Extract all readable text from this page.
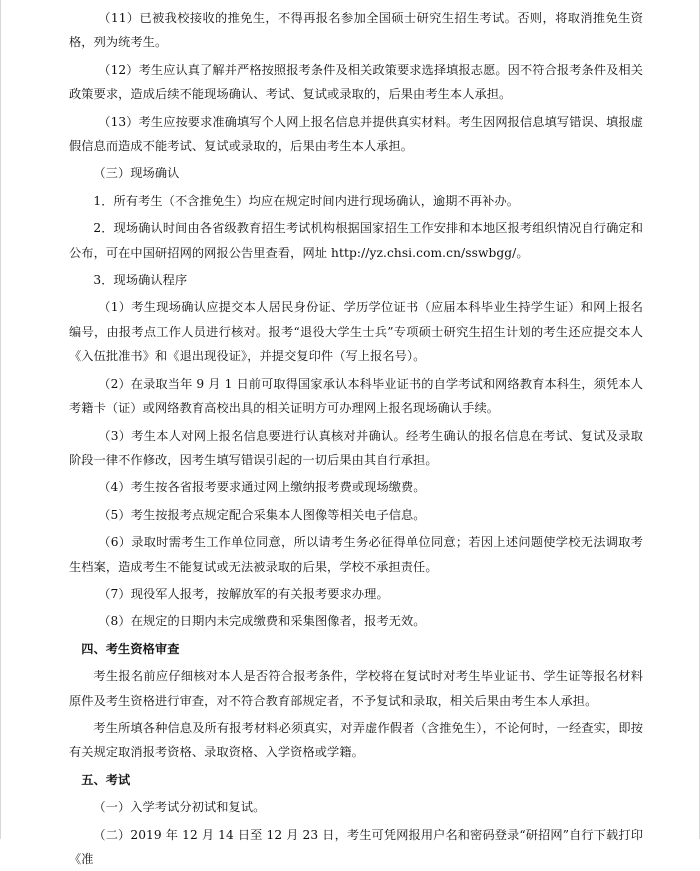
（11）已被我校接收的推免生，不得再报名参加全国硕士研究生招生考试。否则，将取消推免生资格，列为统考生。

（12）考生应认真了解并严格按照报考条件及相关政策要求选择填报志愿。因不符合报考条件及相关政策要求，造成后续不能现场确认、考试、复试或录取的，后果由考生本人承担。

（13）考生应按要求准确填写个人网上报名信息并提供真实材料。考生因网报信息填写错误、填报虚假信息而造成不能考试、复试或录取的，后果由考生本人承担。

（三）现场确认

1．所有考生（不含推免生）均应在规定时间内进行现场确认，逾期不再补办。

2．现场确认时间由各省级教育招生考试机构根据国家招生工作安排和本地区报考组织情况自行确定和公布，可在中国研招网的网报公告里查看，网址 http://yz.chsi.com.cn/sswbgg/。

3．现场确认程序

（1）考生现场确认应提交本人居民身份证、学历学位证书（应届本科毕业生持学生证）和网上报名编号，由报考点工作人员进行核对。报考“退役大学生士兵”专项硕士研究生招生计划的考生还应提交本人《入伍批准书》和《退出现役证》，并提交复印件（写上报名号）。

（2）在录取当年 9 月 1 日前可取得国家承认本科毕业证书的自学考试和网络教育本科生，须凭本人考籍卡（证）或网络教育高校出具的相关证明方可办理网上报名现场确认手续。

（3）考生本人对网上报名信息要进行认真核对并确认。经考生确认的报名信息在考试、复试及录取阶段一律不作修改，因考生填写错误引起的一切后果由其自行承担。

（4）考生按各省报考要求通过网上缴纳报考费或现场缴费。

（5）考生按报考点规定配合采集本人图像等相关电子信息。

（6）录取时需考生工作单位同意，所以请考生务必征得单位同意；若因上述问题使学校无法调取考生档案，造成考生不能复试或无法被录取的后果，学校不承担责任。

（7）现役军人报考，按解放军的有关报考要求办理。

（8）在规定的日期内未完成缴费和采集图像者，报考无效。

四、考生资格审查

考生报名前应仔细核对本人是否符合报考条件，学校将在复试时对考生毕业证书、学生证等报名材料原件及考生资格进行审查，对不符合教育部规定者，不予复试和录取，相关后果由考生本人承担。

考生所填各种信息及所有报考材料必须真实，对弄虚作假者（含推免生），不论何时，一经查实，即按有关规定取消报考资格、录取资格、入学资格或学籍。

五、考试

（一）入学考试分初试和复试。

（二）2019 年 12 月 14 日至 12 月 23 日，考生可凭网报用户名和密码登录“研招网”自行下载打印《准
